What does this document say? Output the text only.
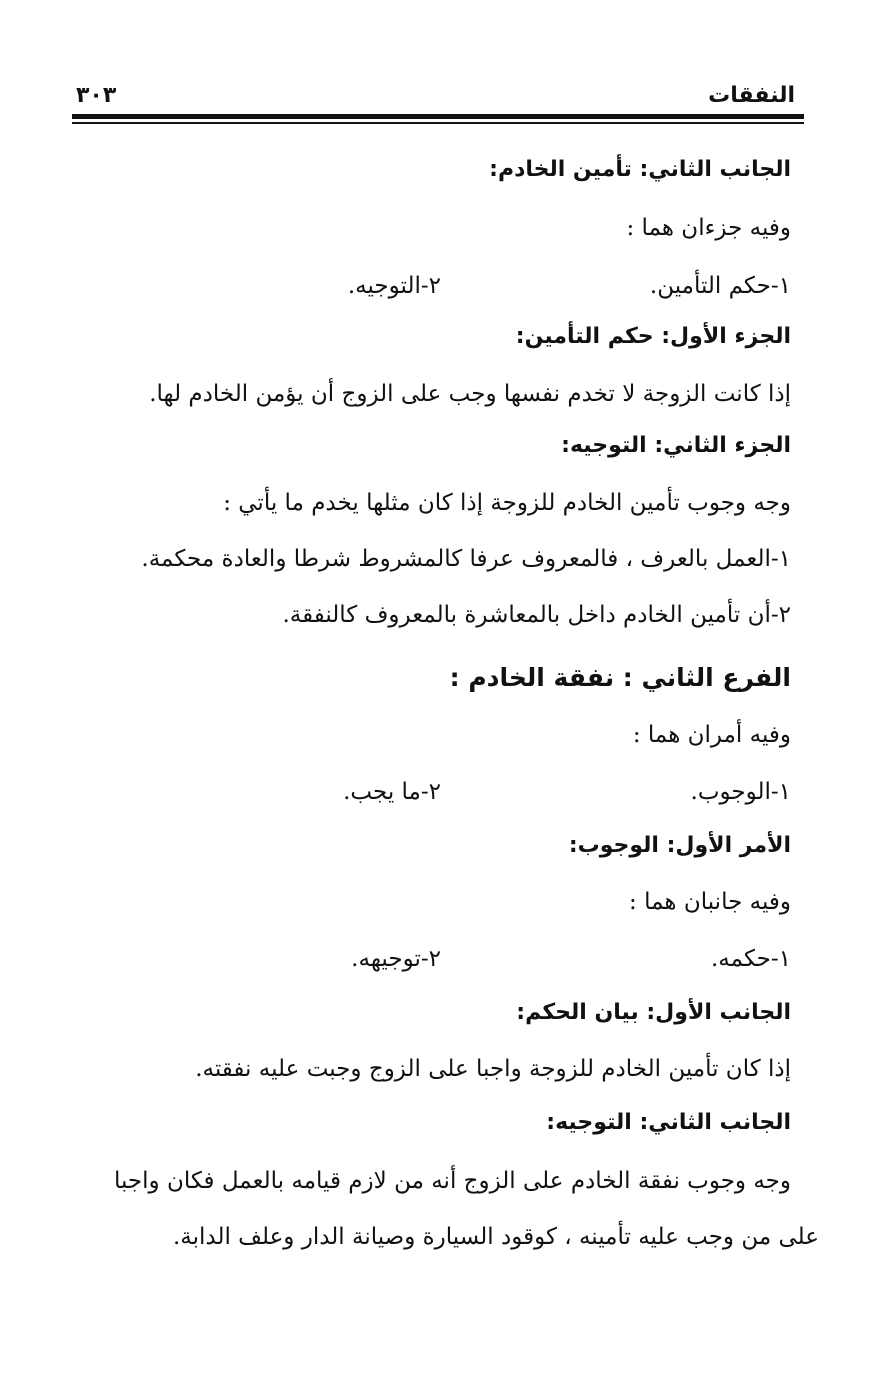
النفقات
٣٠٣
الجانب الثاني: تأمين الخادم:
وفيه جزءان هما :
١-حكم التأمين.
٢-التوجيه.
الجزء الأول: حكم التأمين:
إذا كانت الزوجة لا تخدم نفسها وجب على الزوج أن يؤمن الخادم لها.
الجزء الثاني: التوجيه:
وجه وجوب تأمين الخادم للزوجة إذا كان مثلها يخدم ما يأتي :
١-العمل بالعرف ، فالمعروف عرفا كالمشروط شرطا والعادة محكمة.
٢-أن تأمين الخادم داخل بالمعاشرة بالمعروف كالنفقة.
الفرع الثاني : نفقة الخادم :
وفيه أمران هما :
١-الوجوب.
٢-ما يجب.
الأمر الأول: الوجوب:
وفيه جانبان هما :
١-حكمه.
٢-توجيهه.
الجانب الأول: بيان الحكم:
إذا كان تأمين الخادم للزوجة واجبا على الزوج وجبت عليه نفقته.
الجانب الثاني: التوجيه:
وجه وجوب نفقة الخادم على الزوج أنه من لازم قيامه بالعمل فكان واجبا
على من وجب عليه تأمينه ، كوقود السيارة وصيانة الدار وعلف الدابة.
